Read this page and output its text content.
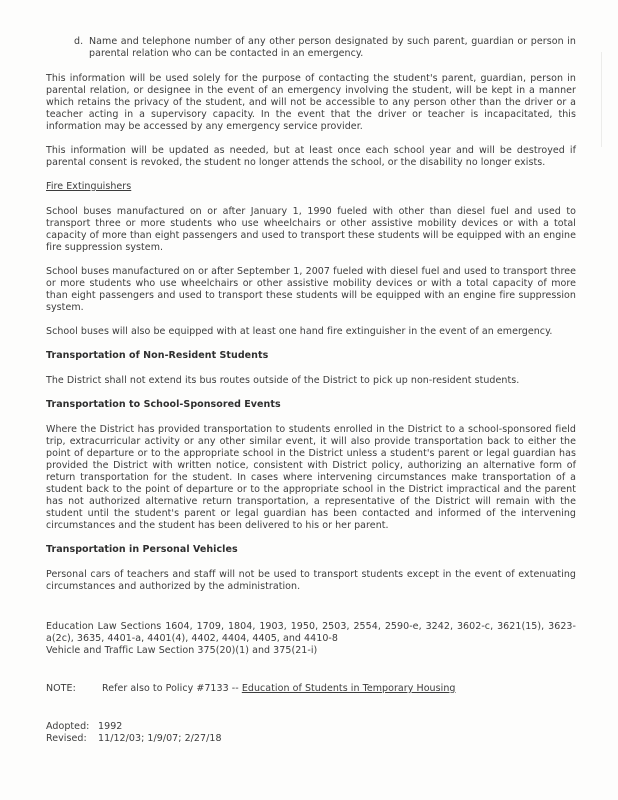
d. Name and telephone number of any other person designated by such parent, guardian or person in parental relation who can be contacted in an emergency.

This information will be used solely for the purpose of contacting the student's parent, guardian, person in parental relation, or designee in the event of an emergency involving the student, will be kept in a manner which retains the privacy of the student, and will not be accessible to any person other than the driver or a teacher acting in a supervisory capacity. In the event that the driver or teacher is incapacitated, this information may be accessed by any emergency service provider.

This information will be updated as needed, but at least once each school year and will be destroyed if parental consent is revoked, the student no longer attends the school, or the disability no longer exists.

Fire Extinguishers

School buses manufactured on or after January 1, 1990 fueled with other than diesel fuel and used to transport three or more students who use wheelchairs or other assistive mobility devices or with a total capacity of more than eight passengers and used to transport these students will be equipped with an engine fire suppression system.

School buses manufactured on or after September 1, 2007 fueled with diesel fuel and used to transport three or more students who use wheelchairs or other assistive mobility devices or with a total capacity of more than eight passengers and used to transport these students will be equipped with an engine fire suppression system.

School buses will also be equipped with at least one hand fire extinguisher in the event of an emergency.

Transportation of Non-Resident Students

The District shall not extend its bus routes outside of the District to pick up non-resident students.

Transportation to School-Sponsored Events

Where the District has provided transportation to students enrolled in the District to a school-sponsored field trip, extracurricular activity or any other similar event, it will also provide transportation back to either the point of departure or to the appropriate school in the District unless a student's parent or legal guardian has provided the District with written notice, consistent with District policy, authorizing an alternative form of return transportation for the student. In cases where intervening circumstances make transportation of a student back to the point of departure or to the appropriate school in the District impractical and the parent has not authorized alternative return transportation, a representative of the District will remain with the student until the student's parent or legal guardian has been contacted and informed of the intervening circumstances and the student has been delivered to his or her parent.

Transportation in Personal Vehicles

Personal cars of teachers and staff will not be used to transport students except in the event of extenuating circumstances and authorized by the administration.

Education Law Sections 1604, 1709, 1804, 1903, 1950, 2503, 2554, 2590-e, 3242, 3602-c, 3621(15), 3623-a(2c), 3635, 4401-a, 4401(4), 4402, 4404, 4405, and 4410-8

Vehicle and Traffic Law Section 375(20)(1) and 375(21-i)

NOTE:	Refer also to Policy #7133 -- Education of Students in Temporary Housing
Adopted: 1992
Revised:	11/12/03; 1/9/07; 2/27/18
